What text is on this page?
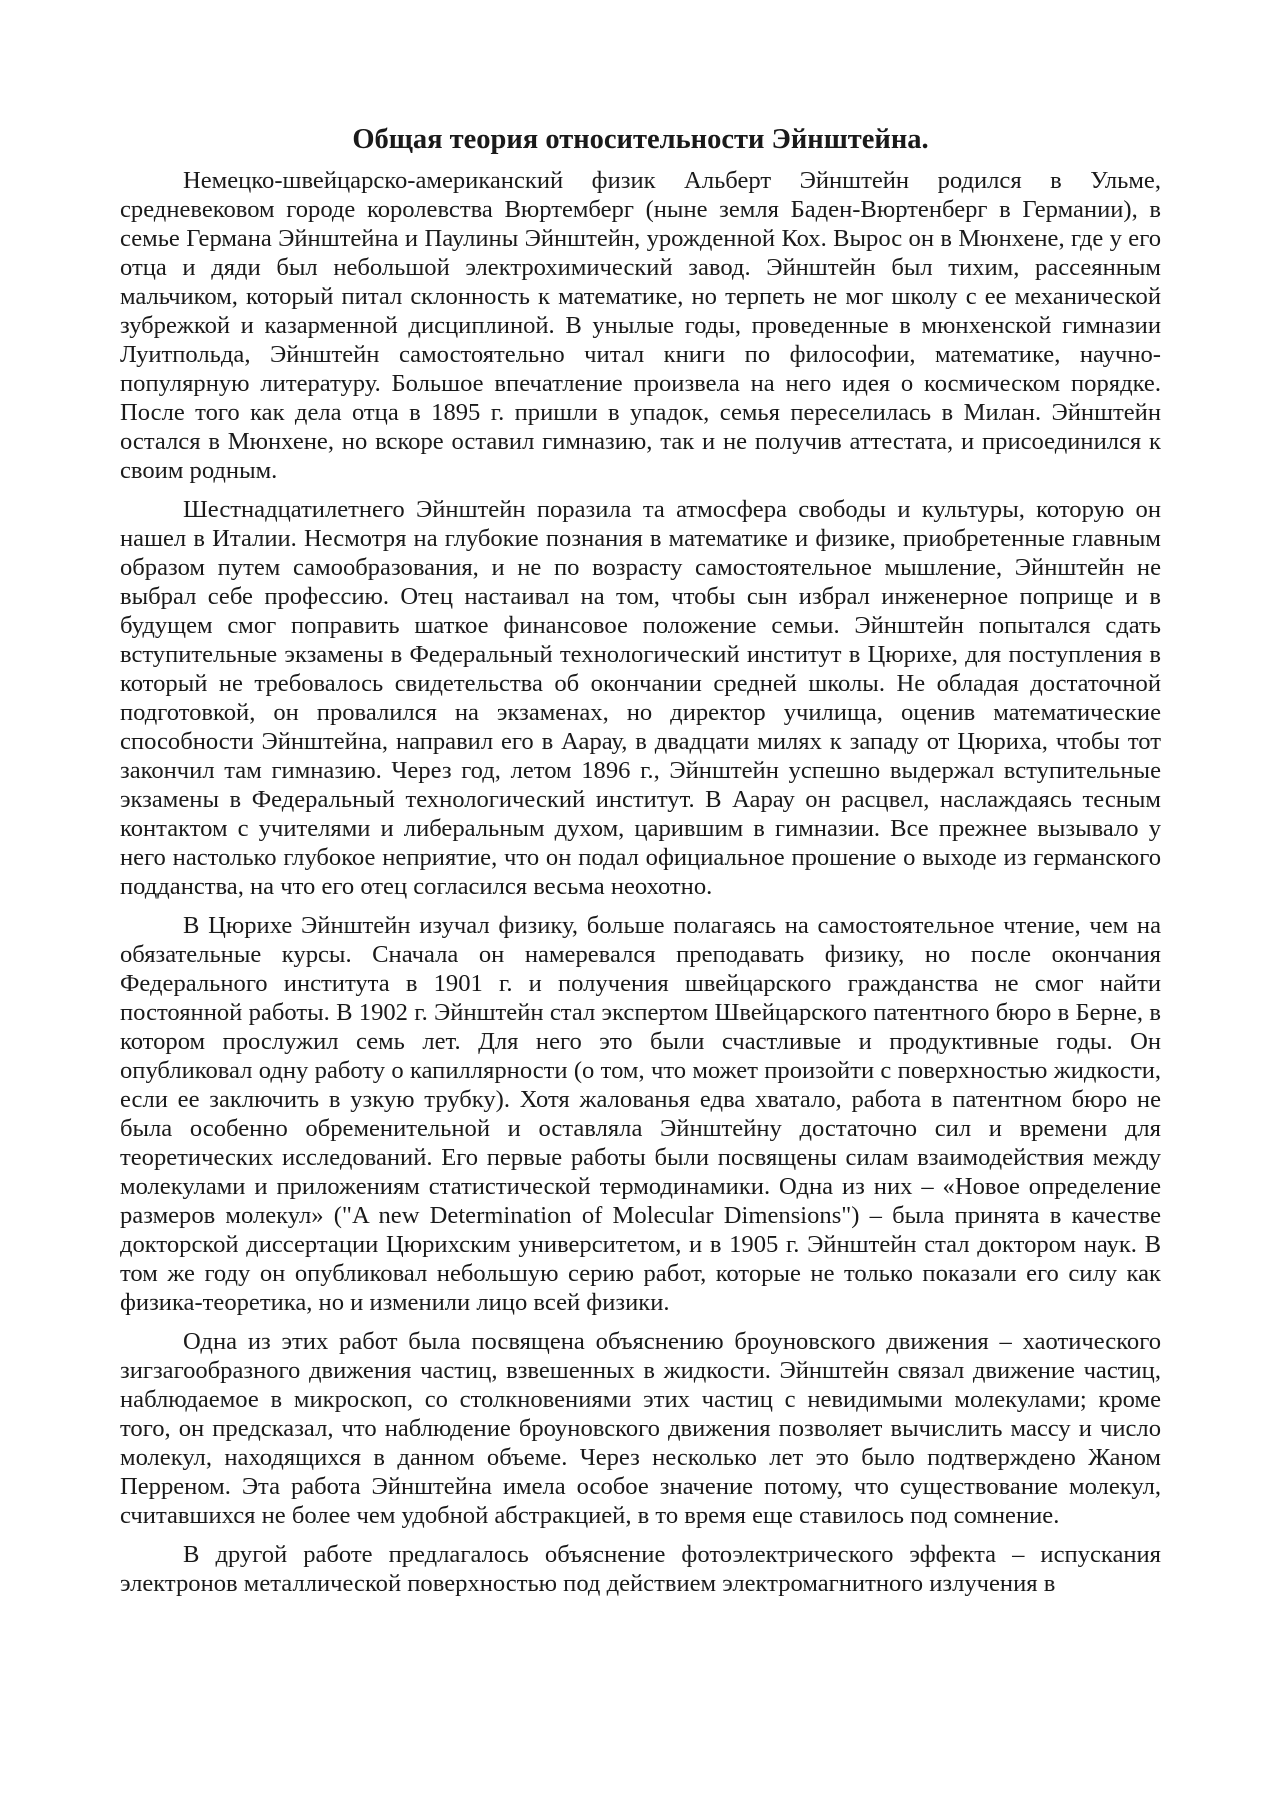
Общая теория относительности Эйнштейна.

Немецко-швейцарско-американский физик Альберт Эйнштейн родился в Ульме, средневековом городе королевства Вюртемберг (ныне земля Баден-Вюртенберг в Германии), в семье Германа Эйнштейна и Паулины Эйнштейн, урожденной Кох. Вырос он в Мюнхене, где у его отца и дяди был небольшой электрохимический завод. Эйнштейн был тихим, рассеянным мальчиком, который питал склонность к математике, но терпеть не мог школу с ее механической зубрежкой и казарменной дисциплиной. В унылые годы, проведенные в мюнхенской гимназии Луитпольда, Эйнштейн самостоятельно читал книги по философии, математике, научно-популярную литературу. Большое впечатление произвела на него идея о космическом порядке. После того как дела отца в 1895 г. пришли в упадок, семья переселилась в Милан. Эйнштейн остался в Мюнхене, но вскоре оставил гимназию, так и не получив аттестата, и присоединился к своим родным.

Шестнадцатилетнего Эйнштейн поразила та атмосфера свободы и культуры, которую он нашел в Италии. Несмотря на глубокие познания в математике и физике, приобретенные главным образом путем самообразования, и не по возрасту самостоятельное мышление, Эйнштейн не выбрал себе профессию. Отец настаивал на том, чтобы сын избрал инженерное поприще и в будущем смог поправить шаткое финансовое положение семьи. Эйнштейн попытался сдать вступительные экзамены в Федеральный технологический институт в Цюрихе, для поступления в который не требовалось свидетельства об окончании средней школы. Не обладая достаточной подготовкой, он провалился на экзаменах, но директор училища, оценив математические способности Эйнштейна, направил его в Аарау, в двадцати милях к западу от Цюриха, чтобы тот закончил там гимназию. Через год, летом 1896 г., Эйнштейн успешно выдержал вступительные экзамены в Федеральный технологический институт. В Аарау он расцвел, наслаждаясь тесным контактом с учителями и либеральным духом, царившим в гимназии. Все прежнее вызывало у него настолько глубокое неприятие, что он подал официальное прошение о выходе из германского подданства, на что его отец согласился весьма неохотно.

В Цюрихе Эйнштейн изучал физику, больше полагаясь на самостоятельное чтение, чем на обязательные курсы. Сначала он намеревался преподавать физику, но после окончания Федерального института в 1901 г. и получения швейцарского гражданства не смог найти постоянной работы. В 1902 г. Эйнштейн стал экспертом Швейцарского патентного бюро в Берне, в котором прослужил семь лет. Для него это были счастливые и продуктивные годы. Он опубликовал одну работу о капиллярности (о том, что может произойти с поверхностью жидкости, если ее заключить в узкую трубку). Хотя жалованья едва хватало, работа в патентном бюро не была особенно обременительной и оставляла Эйнштейну достаточно сил и времени для теоретических исследований. Его первые работы были посвящены силам взаимодействия между молекулами и приложениям статистической термодинамики. Одна из них – «Новое определение размеров молекул» ("A new Determination of Molecular Dimensions") – была принята в качестве докторской диссертации Цюрихским университетом, и в 1905 г. Эйнштейн стал доктором наук. В том же году он опубликовал небольшую серию работ, которые не только показали его силу как физика-теоретика, но и изменили лицо всей физики.

Одна из этих работ была посвящена объяснению броуновского движения – хаотического зигзагообразного движения частиц, взвешенных в жидкости. Эйнштейн связал движение частиц, наблюдаемое в микроскоп, со столкновениями этих частиц с невидимыми молекулами; кроме того, он предсказал, что наблюдение броуновского движения позволяет вычислить массу и число молекул, находящихся в данном объеме. Через несколько лет это было подтверждено Жаном Перреном. Эта работа Эйнштейна имела особое значение потому, что существование молекул, считавшихся не более чем удобной абстракцией, в то время еще ставилось под сомнение.

В другой работе предлагалось объяснение фотоэлектрического эффекта – испускания электронов металлической поверхностью под действием электромагнитного излучения в
